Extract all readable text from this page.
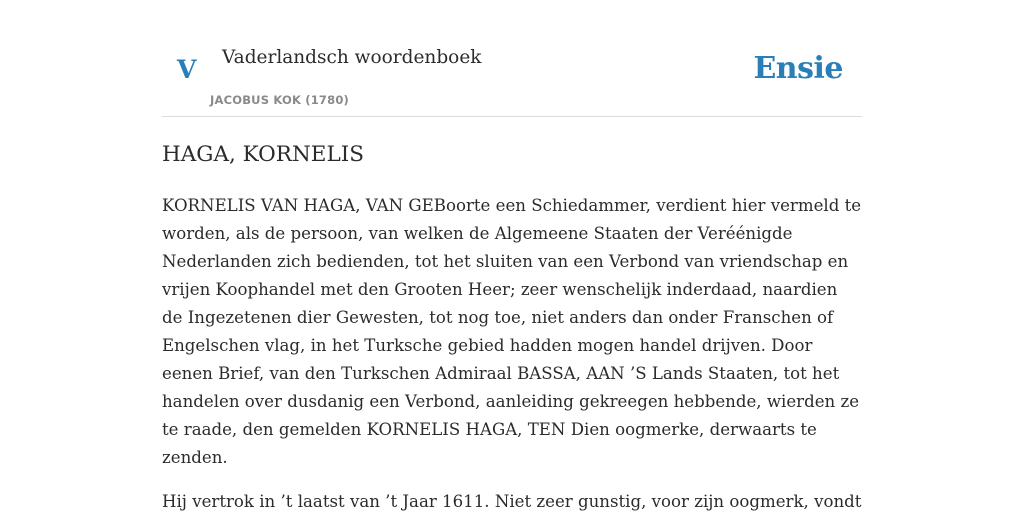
V Vaderlandsch woordenboek
JACOBUS KOK (1780)
Ensie
HAGA, KORNELIS

KORNELIS VAN HAGA, VAN GEBoorte een Schiedammer, verdient hier vermeld te worden, als de persoon, van welken de Algemeene Staaten der Veréénigde Nederlanden zich bedienden, tot het sluiten van een Verbond van vriendschap en vrijen Koophandel met den Grooten Heer; zeer wenschelijk inderdaad, naardien de Ingezetenen dier Gewesten, tot nog toe, niet anders dan onder Franschen of Engelschen vlag, in het Turksche gebied hadden mogen handel drijven. Door eenen Brief, van den Turkschen Admiraal BASSA, AAN ’S Lands Staaten, tot het handelen over dusdanig een Verbond, aanleiding gekreegen hebbende, wierden ze te raade, den gemelden KORNELIS HAGA, TEN Dien oogmerke, derwaarts te zenden.

Hij vertrok in ’t laatst van ’t Jaar 1611. Niet zeer gunstig, voor zijn oogmerk, vondt
